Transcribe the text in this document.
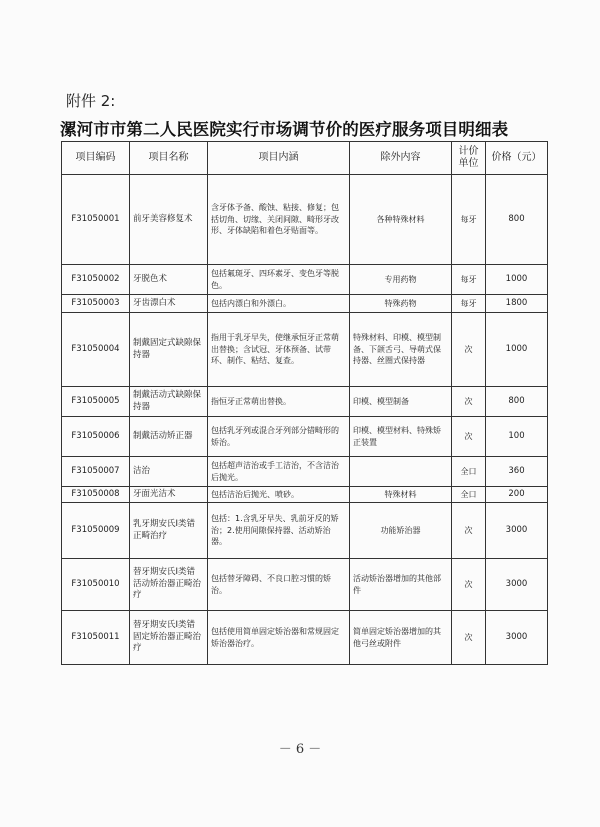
附件 2:
漯河市市第二人民医院实行市场调节价的医疗服务项目明细表
项目编码	项目名称	项目内涵	除外内容	计价单位	价格（元）
F31050001	前牙美容修复术	含牙体予备、酸蚀、粘接、修复；包括切角、切缘、关闭间隙、畸形牙改形、牙体缺陷和着色牙贴面等。	各种特殊材料	每牙	800
F31050002	牙脱色术	包括氟斑牙、四环素牙、变色牙等脱色。	专用药物	每牙	1000
F31050003	牙齿漂白术	包括内漂白和外漂白。	特殊药物	每牙	1800
F31050004	制戴固定式缺隙保持器	指用于乳牙早失，使继承恒牙正常萌出替换；含试冠、牙体预备、试带环、制作、粘结、复查。	特殊材料、印模、模型制备、下颌舌弓、导萌式保持器、丝圈式保持器	次	1000
F31050005	制戴活动式缺隙保持器	指恒牙正常萌出替换。	印模、模型制备	次	800
F31050006	制戴活动矫正器	包括乳牙列或混合牙列部分错畸形的矫治。	印模、模型材料、特殊矫正装置	次	100
F31050007	洁治	包括超声洁治或手工洁治，不含洁治后抛光。		全口	360
F31050008	牙面光洁术	包括洁治后抛光、喷砂。	特殊材料	全口	200
F31050009	乳牙期安氏Ⅰ类错　正畸治疗	包括：1.含乳牙早失、乳前牙反的矫治；2.使用间隙保持器、活动矫治器。	功能矫治器	次	3000
F31050010	替牙期安氏Ⅰ类错　活动矫治器正畸治疗	包括替牙障碍、不良口腔习惯的矫治。	活动矫治器增加的其他部件	次	3000
F31050011	替牙期安氏Ⅰ类错　固定矫治器正畸治疗	包括使用简单固定矫治器和常规固定矫治器治疗。	简单固定矫治器增加的其他弓丝或附件	次	3000
－ 6 －
